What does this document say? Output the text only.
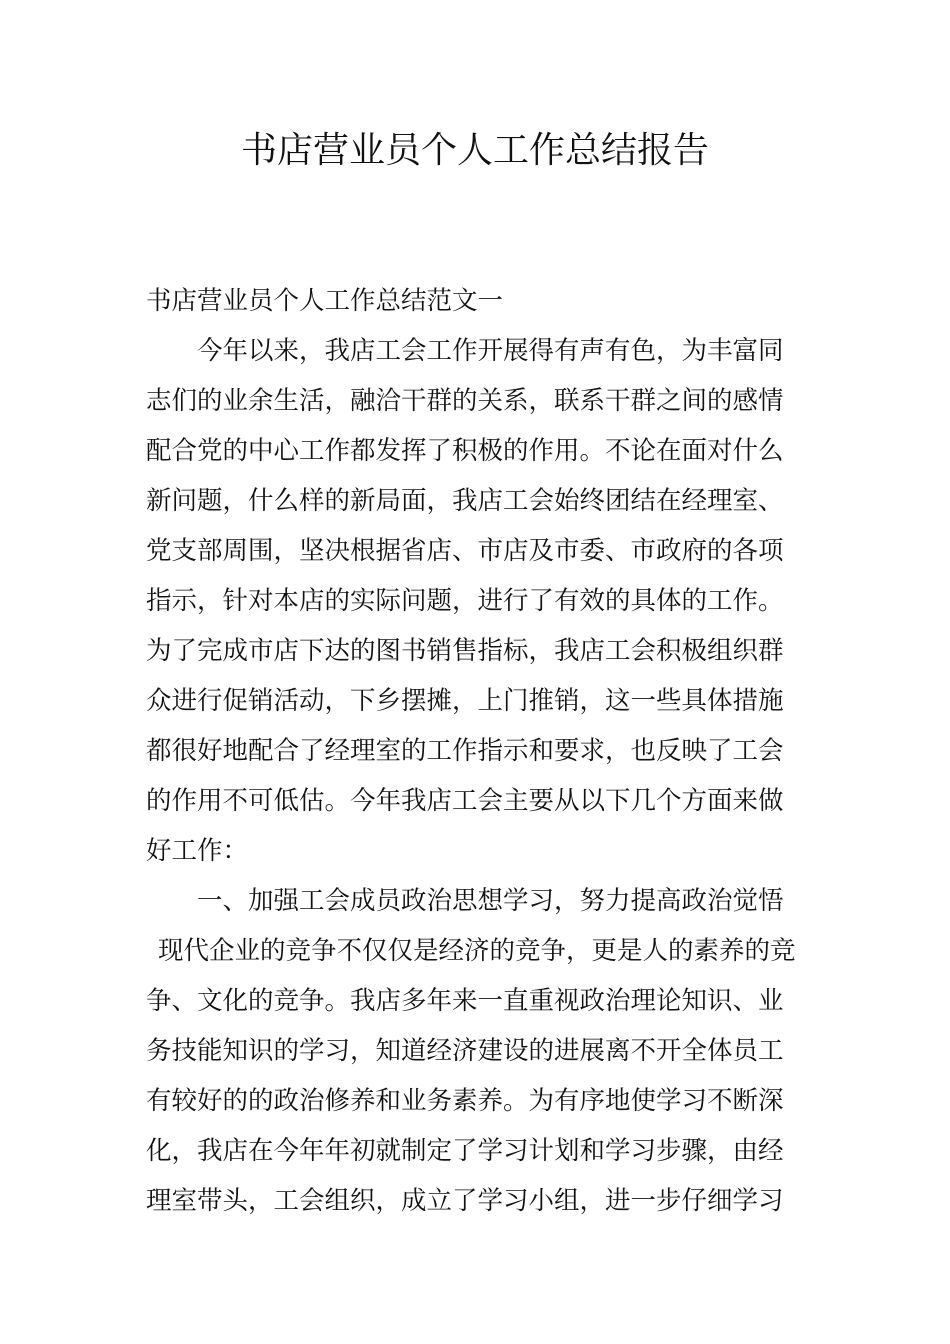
书店营业员个人工作总结报告
书店营业员个人工作总结范文一
今年以来，我店工会工作开展得有声有色，为丰富同
志们的业余生活，融洽干群的关系，联系干群之间的感情
配合党的中心工作都发挥了积极的作用。不论在面对什么
新问题，什么样的新局面，我店工会始终团结在经理室、
党支部周围，坚决根据省店、市店及市委、市政府的各项
指示，针对本店的实际问题，进行了有效的具体的工作。
为了完成市店下达的图书销售指标，我店工会积极组织群
众进行促销活动，下乡摆摊，上门推销，这一些具体措施
都很好地配合了经理室的工作指示和要求，也反映了工会
的作用不可低估。今年我店工会主要从以下几个方面来做
好工作：
一、加强工会成员政治思想学习，努力提高政治觉悟
现代企业的竞争不仅仅是经济的竞争，更是人的素养的竞
争、文化的竞争。我店多年来一直重视政治理论知识、业
务技能知识的学习，知道经济建设的进展离不开全体员工
有较好的的政治修养和业务素养。为有序地使学习不断深
化，我店在今年年初就制定了学习计划和学习步骤，由经
理室带头，工会组织，成立了学习小组，进一步仔细学习
